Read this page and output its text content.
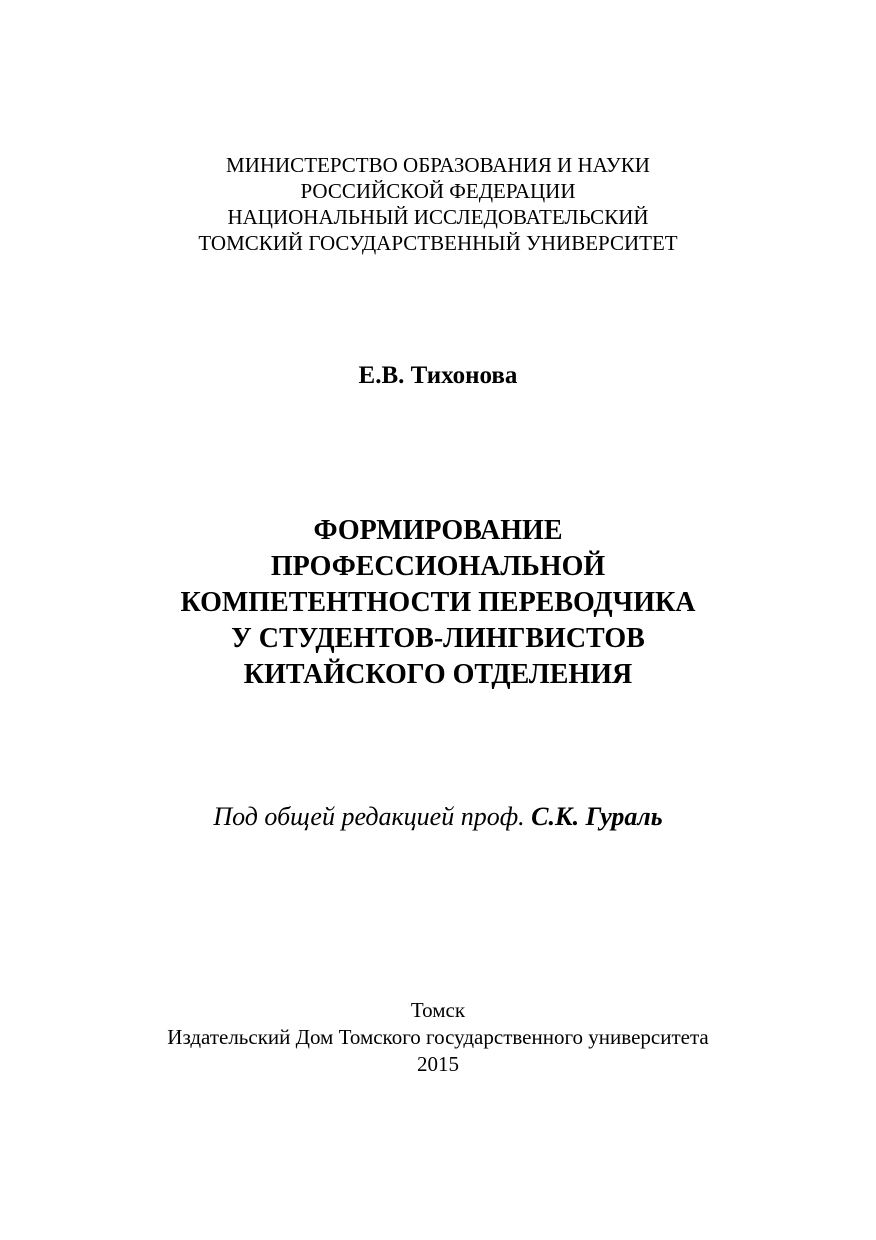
МИНИСТЕРСТВО ОБРАЗОВАНИЯ И НАУКИ
РОССИЙСКОЙ ФЕДЕРАЦИИ
НАЦИОНАЛЬНЫЙ ИССЛЕДОВАТЕЛЬСКИЙ
ТОМСКИЙ ГОСУДАРСТВЕННЫЙ УНИВЕРСИТЕТ
Е.В. Тихонова
ФОРМИРОВАНИЕ
ПРОФЕССИОНАЛЬНОЙ
КОМПЕТЕНТНОСТИ ПЕРЕВОДЧИКА
У СТУДЕНТОВ-ЛИНГВИСТОВ
КИТАЙСКОГО ОТДЕЛЕНИЯ
Под общей редакцией проф. С.К. Гураль
Томск
Издательский Дом Томского государственного университета
2015
